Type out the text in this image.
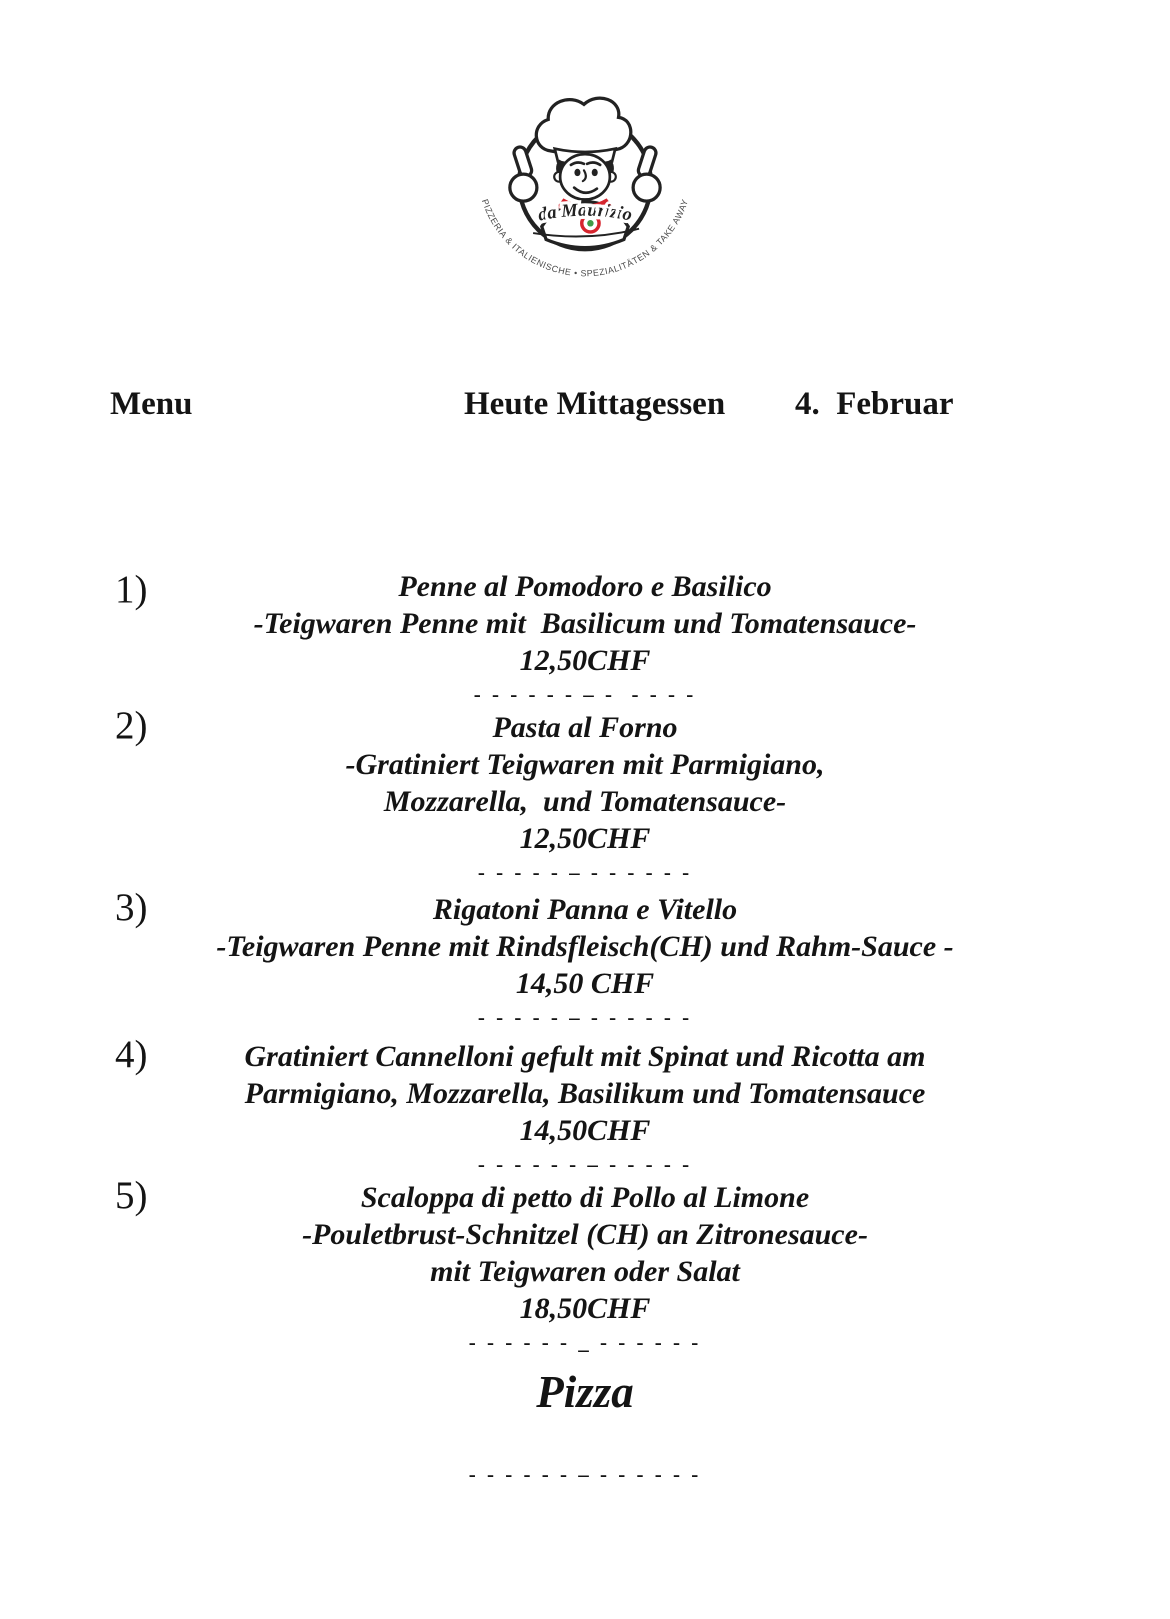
da Maurizio
PIZZERIA & ITALIENISCHE • SPEZIALITÄTEN & TAKE AWAY
Menu	Heute Mittagessen 4.  Februar
1)	Penne al Pomodoro e Basilico
-Teigwaren Penne mit  Basilicum und Tomatensauce-
12,50CHF
- - - - - - – -  - - - -
2)	Pasta al Forno
-Gratiniert Teigwaren mit Parmigiano,
Mozzarella,  und Tomatensauce-
12,50CHF
- - - - - – - - - - - -
3)	Rigatoni Panna e Vitello
-Teigwaren Penne mit Rindsfleisch(CH) und Rahm-Sauce -
14,50 CHF
- - - - - – - - - - - -
4)	Gratiniert Cannelloni gefult mit Spinat und Ricotta am
Parmigiano, Mozzarella, Basilikum und Tomatensauce
14,50CHF
- - - - - - – - - - - -
5)	Scaloppa di petto di Pollo al Limone
-Pouletbrust-Schnitzel (CH) an Zitronesauce-
mit Teigwaren oder Salat
18,50CHF
- - - - - - _ - - - - - -
Pizza
- - - - - - – - - - - - -
